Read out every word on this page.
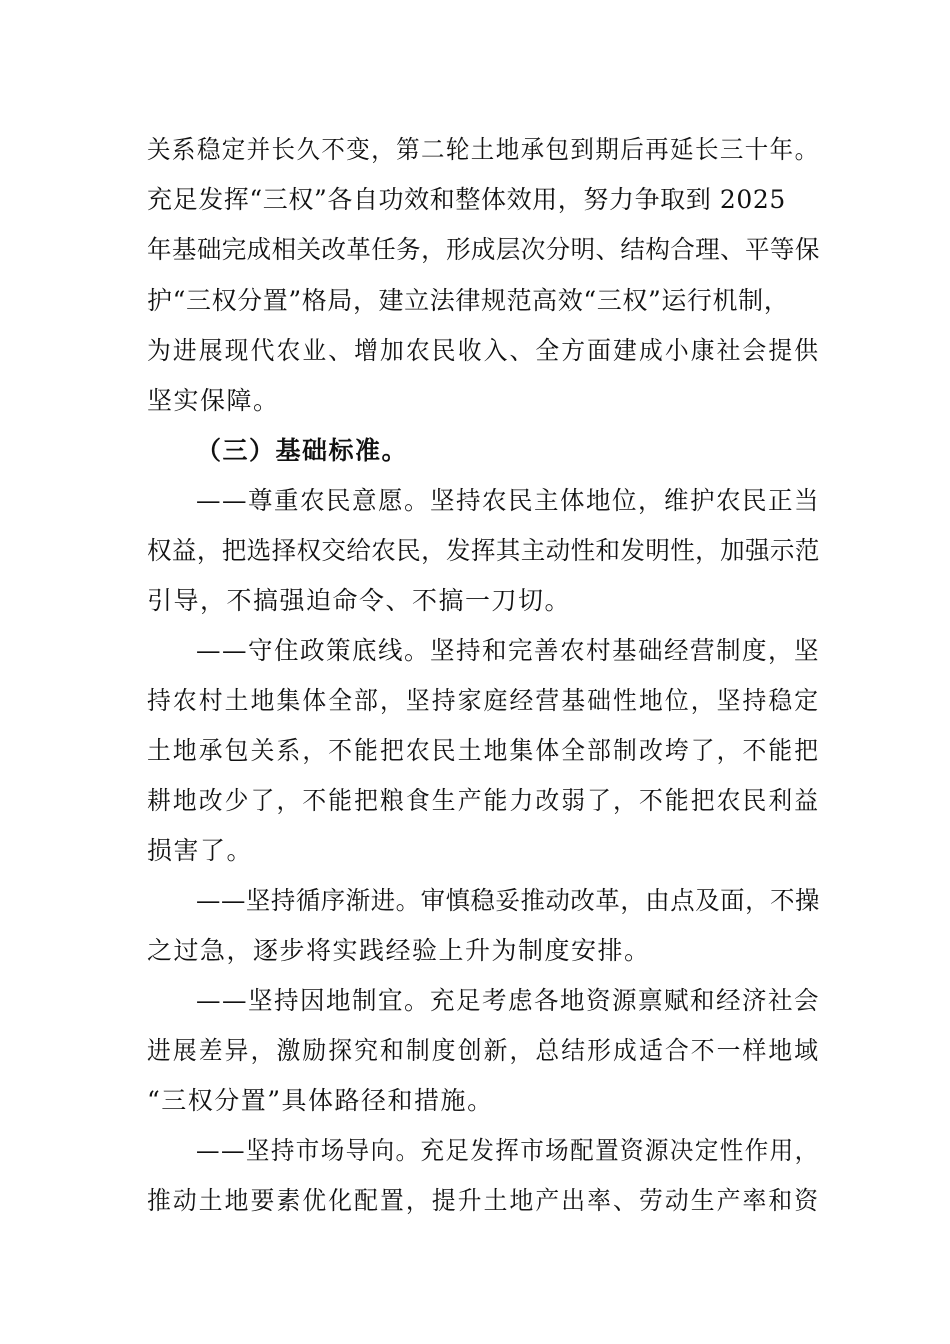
关系稳定并长久不变，第二轮土地承包到期后再延长三十年。

充足发挥“三权”各自功效和整体效用，努力争取到 2025

年基础完成相关改革任务，形成层次分明、结构合理、平等保

护“三权分置”格局，建立法律规范高效“三权”运行机制，

为进展现代农业、增加农民收入、全方面建成小康社会提供

坚实保障。

（三）基础标准。

——尊重农民意愿。坚持农民主体地位，维护农民正当

权益，把选择权交给农民，发挥其主动性和发明性，加强示范

引导，不搞强迫命令、不搞一刀切。

——守住政策底线。坚持和完善农村基础经营制度，坚

持农村土地集体全部，坚持家庭经营基础性地位，坚持稳定

土地承包关系，不能把农民土地集体全部制改垮了，不能把

耕地改少了，不能把粮食生产能力改弱了，不能把农民利益

损害了。

——坚持循序渐进。审慎稳妥推动改革，由点及面，不操

之过急，逐步将实践经验上升为制度安排。

——坚持因地制宜。充足考虑各地资源禀赋和经济社会

进展差异，激励探究和制度创新，总结形成适合不一样地域

“三权分置”具体路径和措施。

——坚持市场导向。充足发挥市场配置资源决定性作用，

推动土地要素优化配置，提升土地产出率、劳动生产率和资
